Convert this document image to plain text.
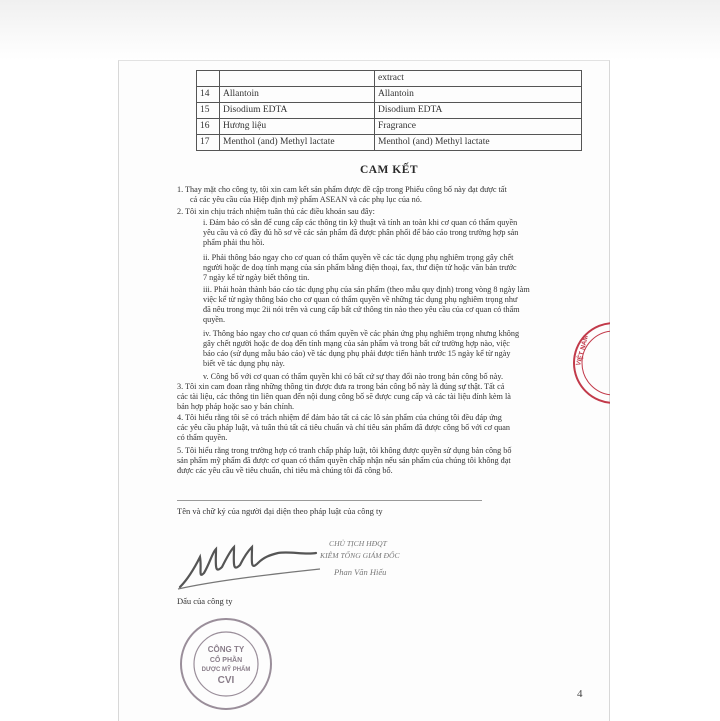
		extract
14	Allantoin	Allantoin
15	Disodium EDTA	Disodium EDTA
16	Hương liệu	Fragrance
17	Menthol (and) Methyl lactate	Menthol (and) Methyl lactate
CAM KẾT
1. Thay mặt cho công ty, tôi xin cam kết sản phẩm được đề cập trong Phiếu công bố này đạt được tất
cả các yêu cầu của Hiệp định mỹ phẩm ASEAN và các phụ lục của nó.
2. Tôi xin chịu trách nhiệm tuân thủ các điều khoản sau đây:
i. Đảm bảo có sẵn để cung cấp các thông tin kỹ thuật và tính an toàn khi cơ quan có thẩm quyền
yêu cầu và có đầy đủ hồ sơ về các sản phẩm đã được phân phối để báo cáo trong trường hợp sản
phẩm phải thu hồi.
ii. Phải thông báo ngay cho cơ quan có thẩm quyền về các tác dụng phụ nghiêm trọng gây chết
người hoặc đe doạ tính mạng của sản phẩm bằng điện thoại, fax, thư điện tử hoặc văn bản trước
7 ngày kể từ ngày biết thông tin.
iii. Phải hoàn thành báo cáo tác dụng phụ của sản phẩm (theo mẫu quy định) trong vòng 8 ngày làm
việc kể từ ngày thông báo cho cơ quan có thẩm quyền về những tác dụng phụ nghiêm trọng như
đã nêu trong mục 2ii nói trên và cung cấp bất cứ thông tin nào theo yêu cầu của cơ quan có thẩm
quyền.
iv. Thông báo ngay cho cơ quan có thẩm quyền về các phản ứng phụ nghiêm trọng nhưng không
gây chết người hoặc đe doạ đến tính mạng của sản phẩm và trong bất cứ trường hợp nào, việc
báo cáo (sử dụng mẫu báo cáo) về tác dụng phụ phải được tiến hành trước 15 ngày kể từ ngày
biết về tác dụng phụ này.
v. Công bố với cơ quan có thẩm quyền khi có bất cứ sự thay đổi nào trong bản công bố này.
3. Tôi xin cam đoan rằng những thông tin được đưa ra trong bản công bố này là đúng sự thật. Tất cả
các tài liệu, các thông tin liên quan đến nội dung công bố sẽ được cung cấp và các tài liệu đính kèm là
bản hợp pháp hoặc sao y bản chính.
4. Tôi hiểu rằng tôi sẽ có trách nhiệm để đảm bảo tất cả các lô sản phẩm của chúng tôi đều đáp ứng
các yêu cầu pháp luật, và tuân thủ tất cả tiêu chuẩn và chỉ tiêu sản phẩm đã được công bố với cơ quan
có thẩm quyền.
5. Tôi hiểu rằng trong trường hợp có tranh chấp pháp luật, tôi không được quyền sử dụng bản công bố
sản phẩm mỹ phẩm đã được cơ quan có thẩm quyền chấp nhận nếu sản phẩm của chúng tôi không đạt
được các yêu cầu về tiêu chuẩn, chỉ tiêu mà chúng tôi đã công bố.
Tên và chữ ký của người đại diện theo pháp luật của công ty
CHỦ TỊCH HĐQT
KIÊM TỔNG GIÁM ĐỐC
Phan Văn Hiếu
Dấu của công ty
CÔNG TY
CỔ PHẦN
DƯỢC MỸ PHẨM
CVI
VIỆT NAM
4
